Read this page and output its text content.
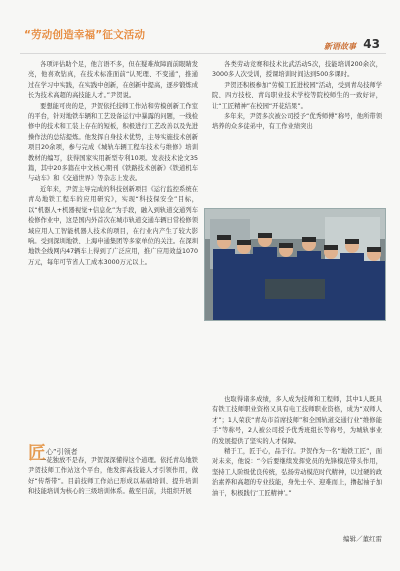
“劳动创造幸福”征文活动
新语故事 43

各项评估助个足，他言语不多，但在疑难故障面前眼睛发亮，他喜欢钻真，在技术标准面前“认死理、不变通”，推通过在学习中实践，在实践中创新，在创新中提高，逐步锻炼成长为技术高超的高技能人才。”尹贺说。

要想能可贵的是，尹贺依托技师工作站和劳模创新工作室的平台，针对地铁车辆和工艺设备运行中暴露的问题，一线检修中的技术和工装上存在的短板，积极进行工艺改善以及先进操作法的总结提炼。他发挥自身技术优势，主导实施技术创新项目20余项，参与完成《城轨车辆工程车技术与维修》培训教材的编写，获得国家实用新型专利10项。发表技术论文35篇，其中20多篇在中文核心期刊《铁路技术创新》《铁道机车与动车》和《交通世界》等杂志上发表。

近年来，尹贺主导完成的科技创新项目《运行监控系统在青岛地铁工程车的应用研究》，实现“科技保安全”目标，以“机器人+机器视觉+信息化”为手段，融入到轨道交通列车检修作业中，这是国内外首次在城市轨道交通车辆日常检修领域应用人工智能机器人技术的项目，在行业内产生了较大影响。受到深圳地铁、上海申通集团等多家单位的关注。在深圳地铁全线网内47辆车上得到了广泛应用，推广应用效益1070万元，每年可节省人工成本3000万元以上。

匠心”引领者

一花独放不是春，尹贺深深懂得这个道理。依托青岛地铁尹贺技师工作站这个平台，他发挥高技能人才引领作用，做好“传帮带”。目前技师工作站已形成以基础培训、提升培训和技能培训为核心的三级培训体系。截至目前，共组织开展

各类劳动竞赛和技术比武活动5次，技能培训200余次，3000多人次受训，授课培训时间达到500多课时。

尹贺还积极参加“劳模工匠进校园”活动，受到青岛技师学院、四方技校、青岛职业技术学校等院校师生的一致好评，让“工匠精神”在校园“开花结果”。

多年来，尹贺多次被公司授予“优秀师傅”称号，他所带领培养的众多徒弟中，有工作业绩突出

也取得诸多成绩，多人成为技师和工程师，其中1人既具有铁工技师职业资格又具有电工技师职业资格，成为“双师人才”；1人荣获“青岛市首席技师”和全国轨道交通行业“维修能手”等称号，2人被公司授予优秀班组长等称号，为城轨事业的发展提供了坚实的人才保障。

精于工，匠于心，品于行。尹贺作为一名“地铁工匠”，面对未来，他说：“今后要继续发挥党员的先锋模范带头作用，坚持工人阶级优良传统，弘扬劳动模范时代精神，以过硬的政治素养和高超的专业技能，身先士卒、迎难而上，撸起袖子加油干，积极践行‘工匠精神’。”

编辑／董红雷
